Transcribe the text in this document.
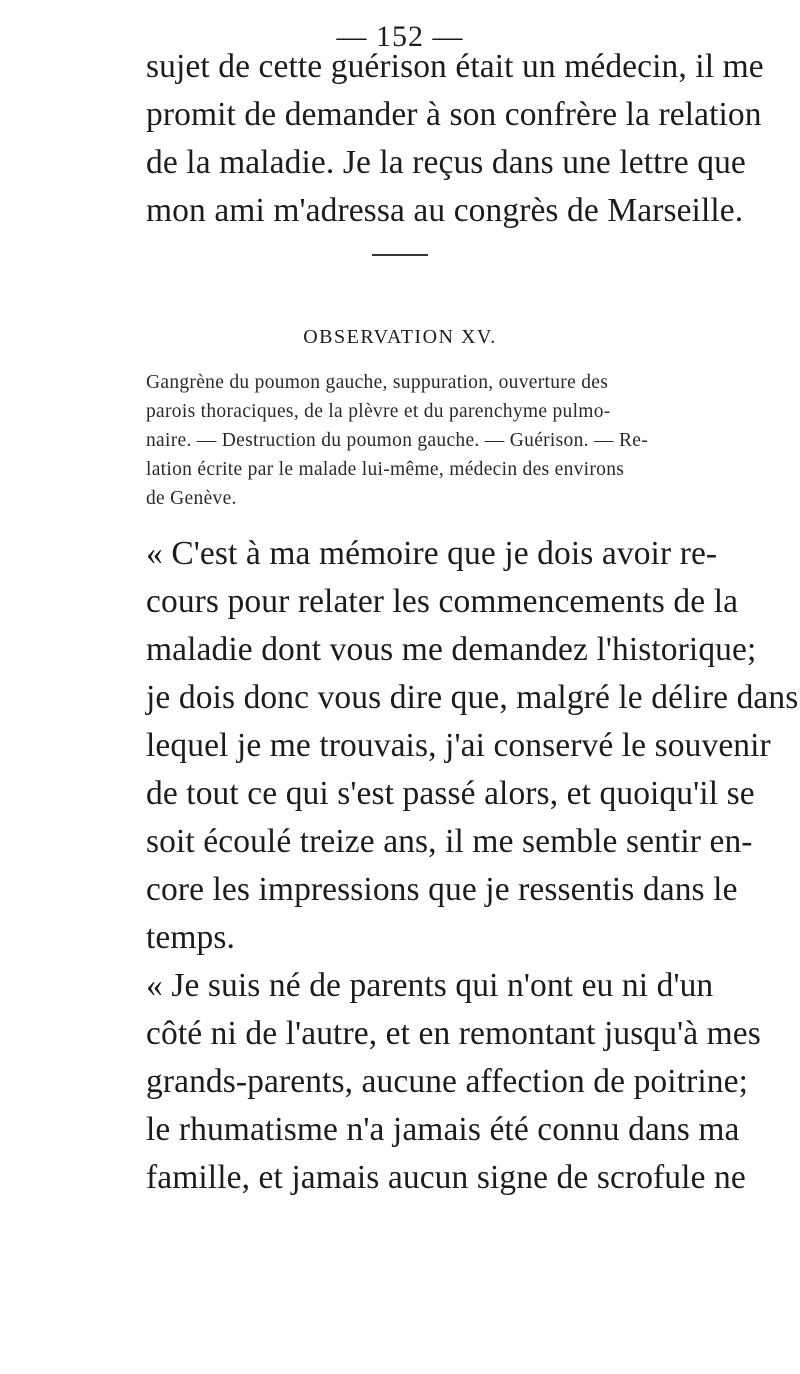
— 152 —

sujet de cette guérison était un médecin, il me

promit de demander à son confrère la relation

de la maladie. Je la reçus dans une lettre que

mon ami m'adressa au congrès de Marseille.

OBSERVATION XV.

Gangrène du poumon gauche, suppuration, ouverture des

parois thoraciques, de la plèvre et du parenchyme pulmo-

naire. — Destruction du poumon gauche. — Guérison. — Re-

lation écrite par le malade lui-même, médecin des environs

de Genève.

« C'est à ma mémoire que je dois avoir re-

cours pour relater les commencements de la

maladie dont vous me demandez l'historique;

je dois donc vous dire que, malgré le délire dans

lequel je me trouvais, j'ai conservé le souvenir

de tout ce qui s'est passé alors, et quoiqu'il se

soit écoulé treize ans, il me semble sentir en-

core les impressions que je ressentis dans le

temps.

« Je suis né de parents qui n'ont eu ni d'un

côté ni de l'autre, et en remontant jusqu'à mes

grands-parents, aucune affection de poitrine;

le rhumatisme n'a jamais été connu dans ma

famille, et jamais aucun signe de scrofule ne
